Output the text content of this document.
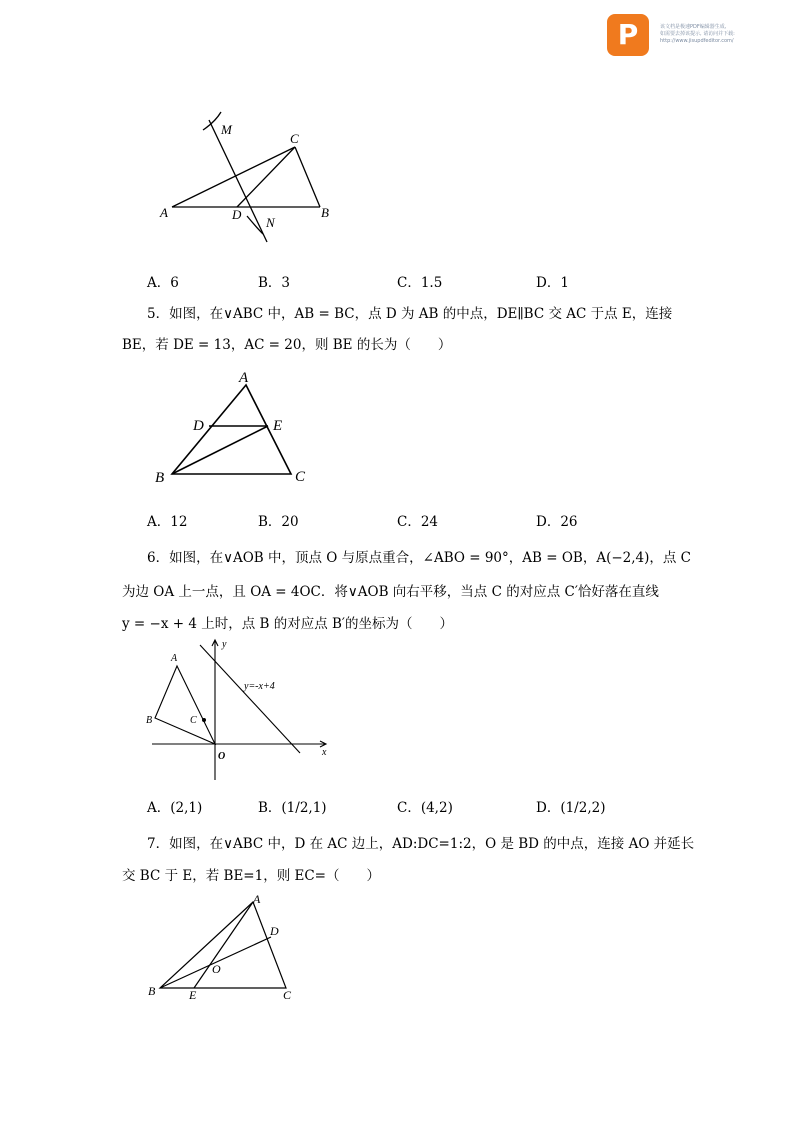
P	该文档是极速PDF编辑器生成,
如需要去掉该提示, 请访问并下载:
http://www.jisupdfeditor.com/
M
C
A	D
N
B
A．6	B．3	C．1.5	D．1
5．如图，在∨ABC 中，AB = BC，点 D 为 AB 的中点，DE∥BC 交 AC 于点 E，连接
BE，若 DE = 13，AC = 20，则 BE 的长为（　　）
A
D	E
B	C
A．12	B．20	C．24	D．26
6．如图，在∨AOB 中，顶点 O 与原点重合，∠ABO = 90°，AB = OB，A(−2,4)，点 C
为边 OA 上一点，且 OA = 4OC．将∨AOB 向右平移，当点 C 的对应点 C′恰好落在直线
y = −x + 4 上时，点 B 的对应点 B′的坐标为（　　）
A
B	C
O	x
y
y=-x+4
A．(2,1)	B．(1/2,1)	C．(4,2)	D．(1/2,2)
7．如图，在∨ABC 中，D 在 AC 边上，AD:DC=1:2，O 是 BD 的中点，连接 AO 并延长
交 BC 于 E，若 BE=1，则 EC=（　　）
A
D
O
B	E	C
